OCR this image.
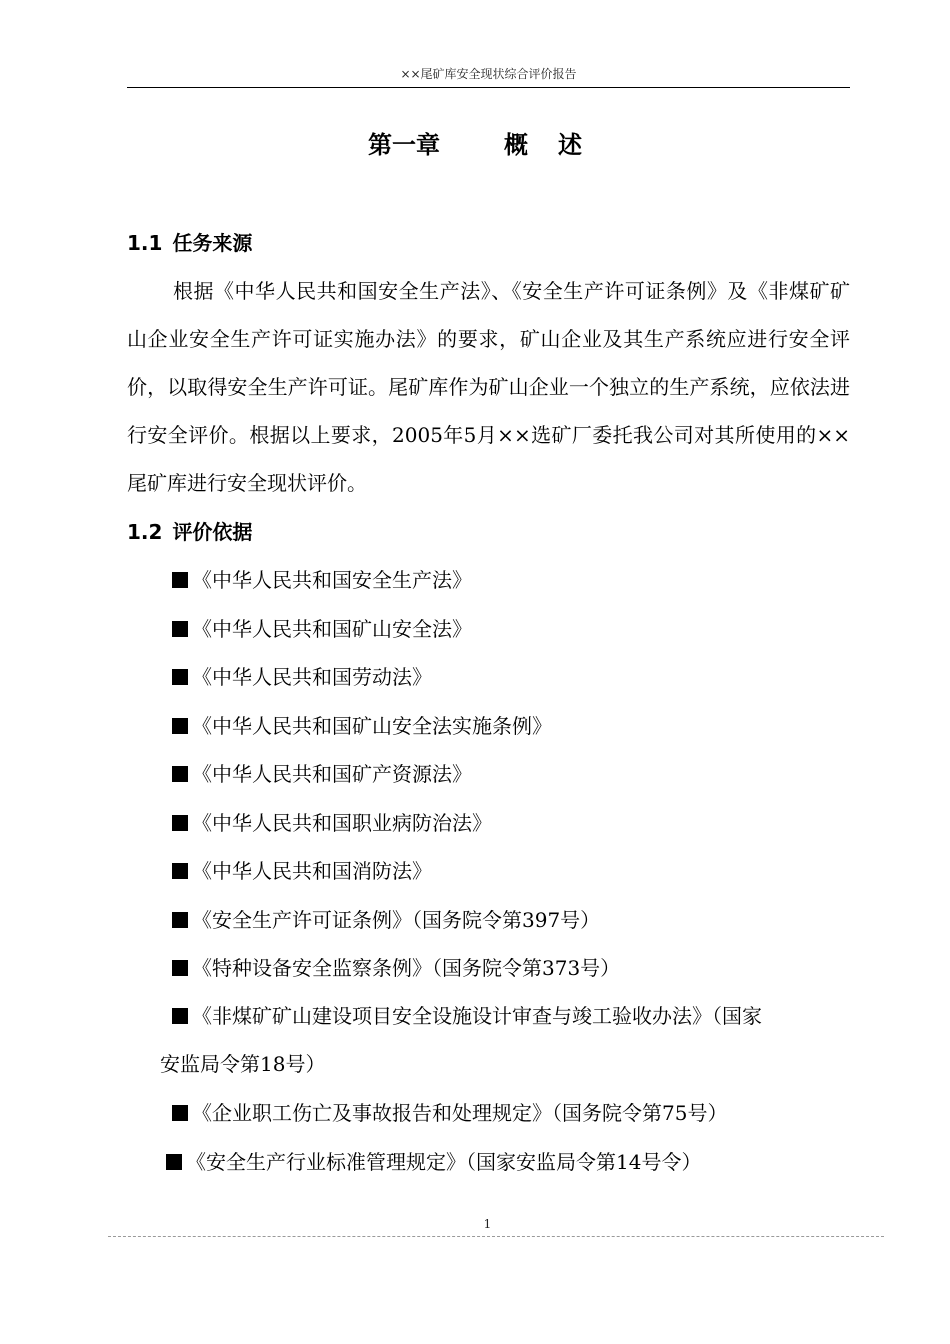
××尾矿库安全现状综合评价报告
第一章	概 述
1.1 任务来源
根据《中华人民共和国安全生产法》、《安全生产许可证条例》及《非煤矿矿山企业安全生产许可证实施办法》的要求，矿山企业及其生产系统应进行安全评价，以取得安全生产许可证。尾矿库作为矿山企业一个独立的生产系统，应依法进行安全评价。根据以上要求，2005年5月××选矿厂委托我公司对其所使用的××尾矿库进行安全现状评价。
1.2 评价依据
《中华人民共和国安全生产法》
《中华人民共和国矿山安全法》
《中华人民共和国劳动法》
《中华人民共和国矿山安全法实施条例》
《中华人民共和国矿产资源法》
《中华人民共和国职业病防治法》
《中华人民共和国消防法》
《安全生产许可证条例》（国务院令第397号）
《特种设备安全监察条例》（国务院令第373号）
《非煤矿矿山建设项目安全设施设计审查与竣工验收办法》（国家
安监局令第18号）
《企业职工伤亡及事故报告和处理规定》（国务院令第75号）
《安全生产行业标准管理规定》（国家安监局令第14号令）
1
